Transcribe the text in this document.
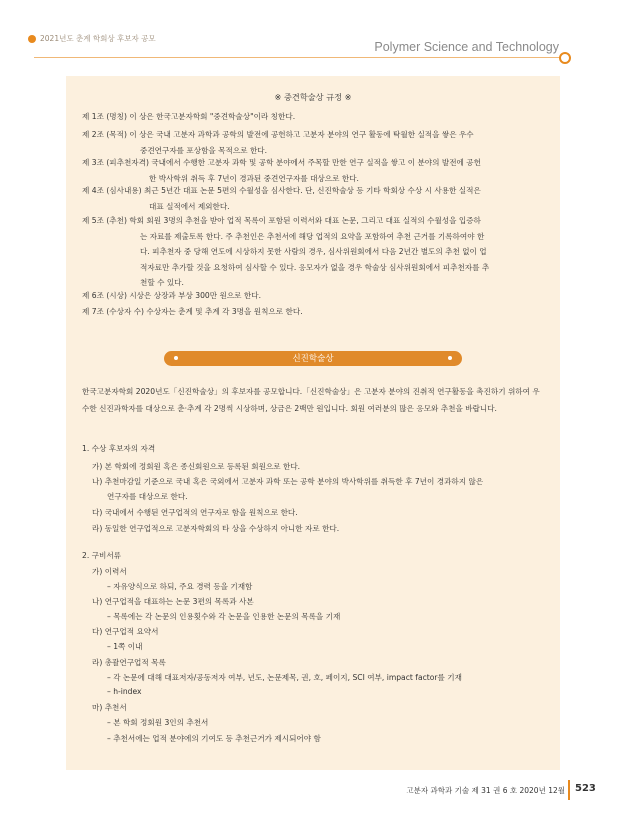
2021년도 춘계 학회상 후보자 공모
Polymer Science and Technology
※ 중견학술상 규정 ※
제 1조 (명칭) 이 상은 한국고분자학회 "중견학술상"이라 칭한다.
제 2조 (목적) 이 상은 국내 고분자 과학과 공학의 발전에 공헌하고 고분자 분야의 연구 활동에 탁월한 실적을 쌓은 우수
중견연구자를 포상함을 목적으로 한다.
제 3조 (피추천자격) 국내에서 수행한 고분자 과학 및 공학 분야에서 주목할 만한 연구 실적을 쌓고 이 분야의 발전에 공헌
한 박사학위 취득 후 7년이 경과된 중견연구자를 대상으로 한다.
제 4조 (심사내용) 최근 5년간 대표 논문 5편의 수월성을 심사한다. 단, 신진학술상 등 기타 학회상 수상 시 사용한 실적은
대표 실적에서 제외한다.
제 5조 (추천) 학회 회원 3명의 추천을 받아 업적 목록이 포함된 이력서와 대표 논문, 그리고 대표 실적의 수월성을 입증하
는 자료를 제출토록 한다. 주 추천인은 추천서에 해당 업적의 요약을 포함하여 추천 근거를 기록하여야 한
다. 피추천자 중 당해 연도에 시상하지 못한 사람의 경우, 심사위원회에서 다음 2년간 별도의 추천 없이 업
적자료만 추가할 것을 요청하여 심사할 수 있다. 응모자가 없을 경우 학술상 심사위원회에서 피추천자를 추
천할 수 있다.
제 6조 (시상) 시상은 상장과 부상 300만 원으로 한다.
제 7조 (수상자 수) 수상자는 춘계 및 추계 각 3명을 원칙으로 한다.
신진학술상
한국고분자학회 2020년도「신진학술상」의 후보자를 공모합니다.「신진학술상」은 고분자 분야의 진취적 연구활동을 촉진하기 위하여 우수한 신진과학자를 대상으로 춘·추계 각 2명씩 시상하며, 상금은 2백만 원입니다. 회원 여러분의 많은 응모와 추천을 바랍니다.
1. 수상 후보자의 자격
가) 본 학회에 정회원 혹은 종신회원으로 등록된 회원으로 한다.
나) 추천마감일 기준으로 국내 혹은 국외에서 고분자 과학 또는 공학 분야의 박사학위를 취득한 후 7년이 경과하지 않은
연구자를 대상으로 한다.
다) 국내에서 수행된 연구업적의 연구자로 함을 원칙으로 한다.
라) 동일한 연구업적으로 고분자학회의 타 상을 수상하지 아니한 자로 한다.
2. 구비서류
가) 이력서
– 자유양식으로 하되, 주요 경력 등을 기재함
나) 연구업적을 대표하는 논문 3편의 목록과 사본
– 목록에는 각 논문의 인용횟수와 각 논문을 인용한 논문의 목록을 기재
다) 연구업적 요약서
– 1쪽 이내
라) 총괄연구업적 목록
– 각 논문에 대해 대표저자/공동저자 여부, 년도, 논문제목, 권, 호, 페이지, SCI 여부, impact factor를 기재
– h-index
마) 추천서
– 본 학회 정회원 3인의 추천서
– 추천서에는 업적 분야에의 기여도 등 추천근거가 제시되어야 함
고분자 과학과 기술 제 31 권 6 호 2020년 12월 523
